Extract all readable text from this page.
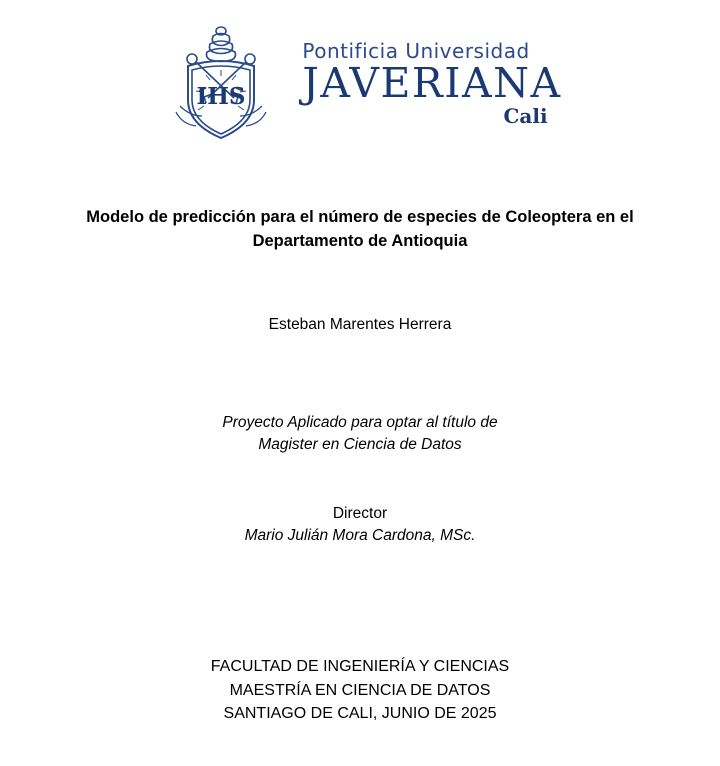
IHS
Pontificia Universidad
JAVERIANA
Cali
Modelo de predicción para el número de especies de Coleoptera en el Departamento de Antioquia
Esteban Marentes Herrera
Proyecto Aplicado para optar al título de
Magister en Ciencia de Datos
Director
Mario Julián Mora Cardona, MSc.
FACULTAD DE INGENIERÍA Y CIENCIAS
MAESTRÍA EN CIENCIA DE DATOS
SANTIAGO DE CALI, JUNIO DE 2025
